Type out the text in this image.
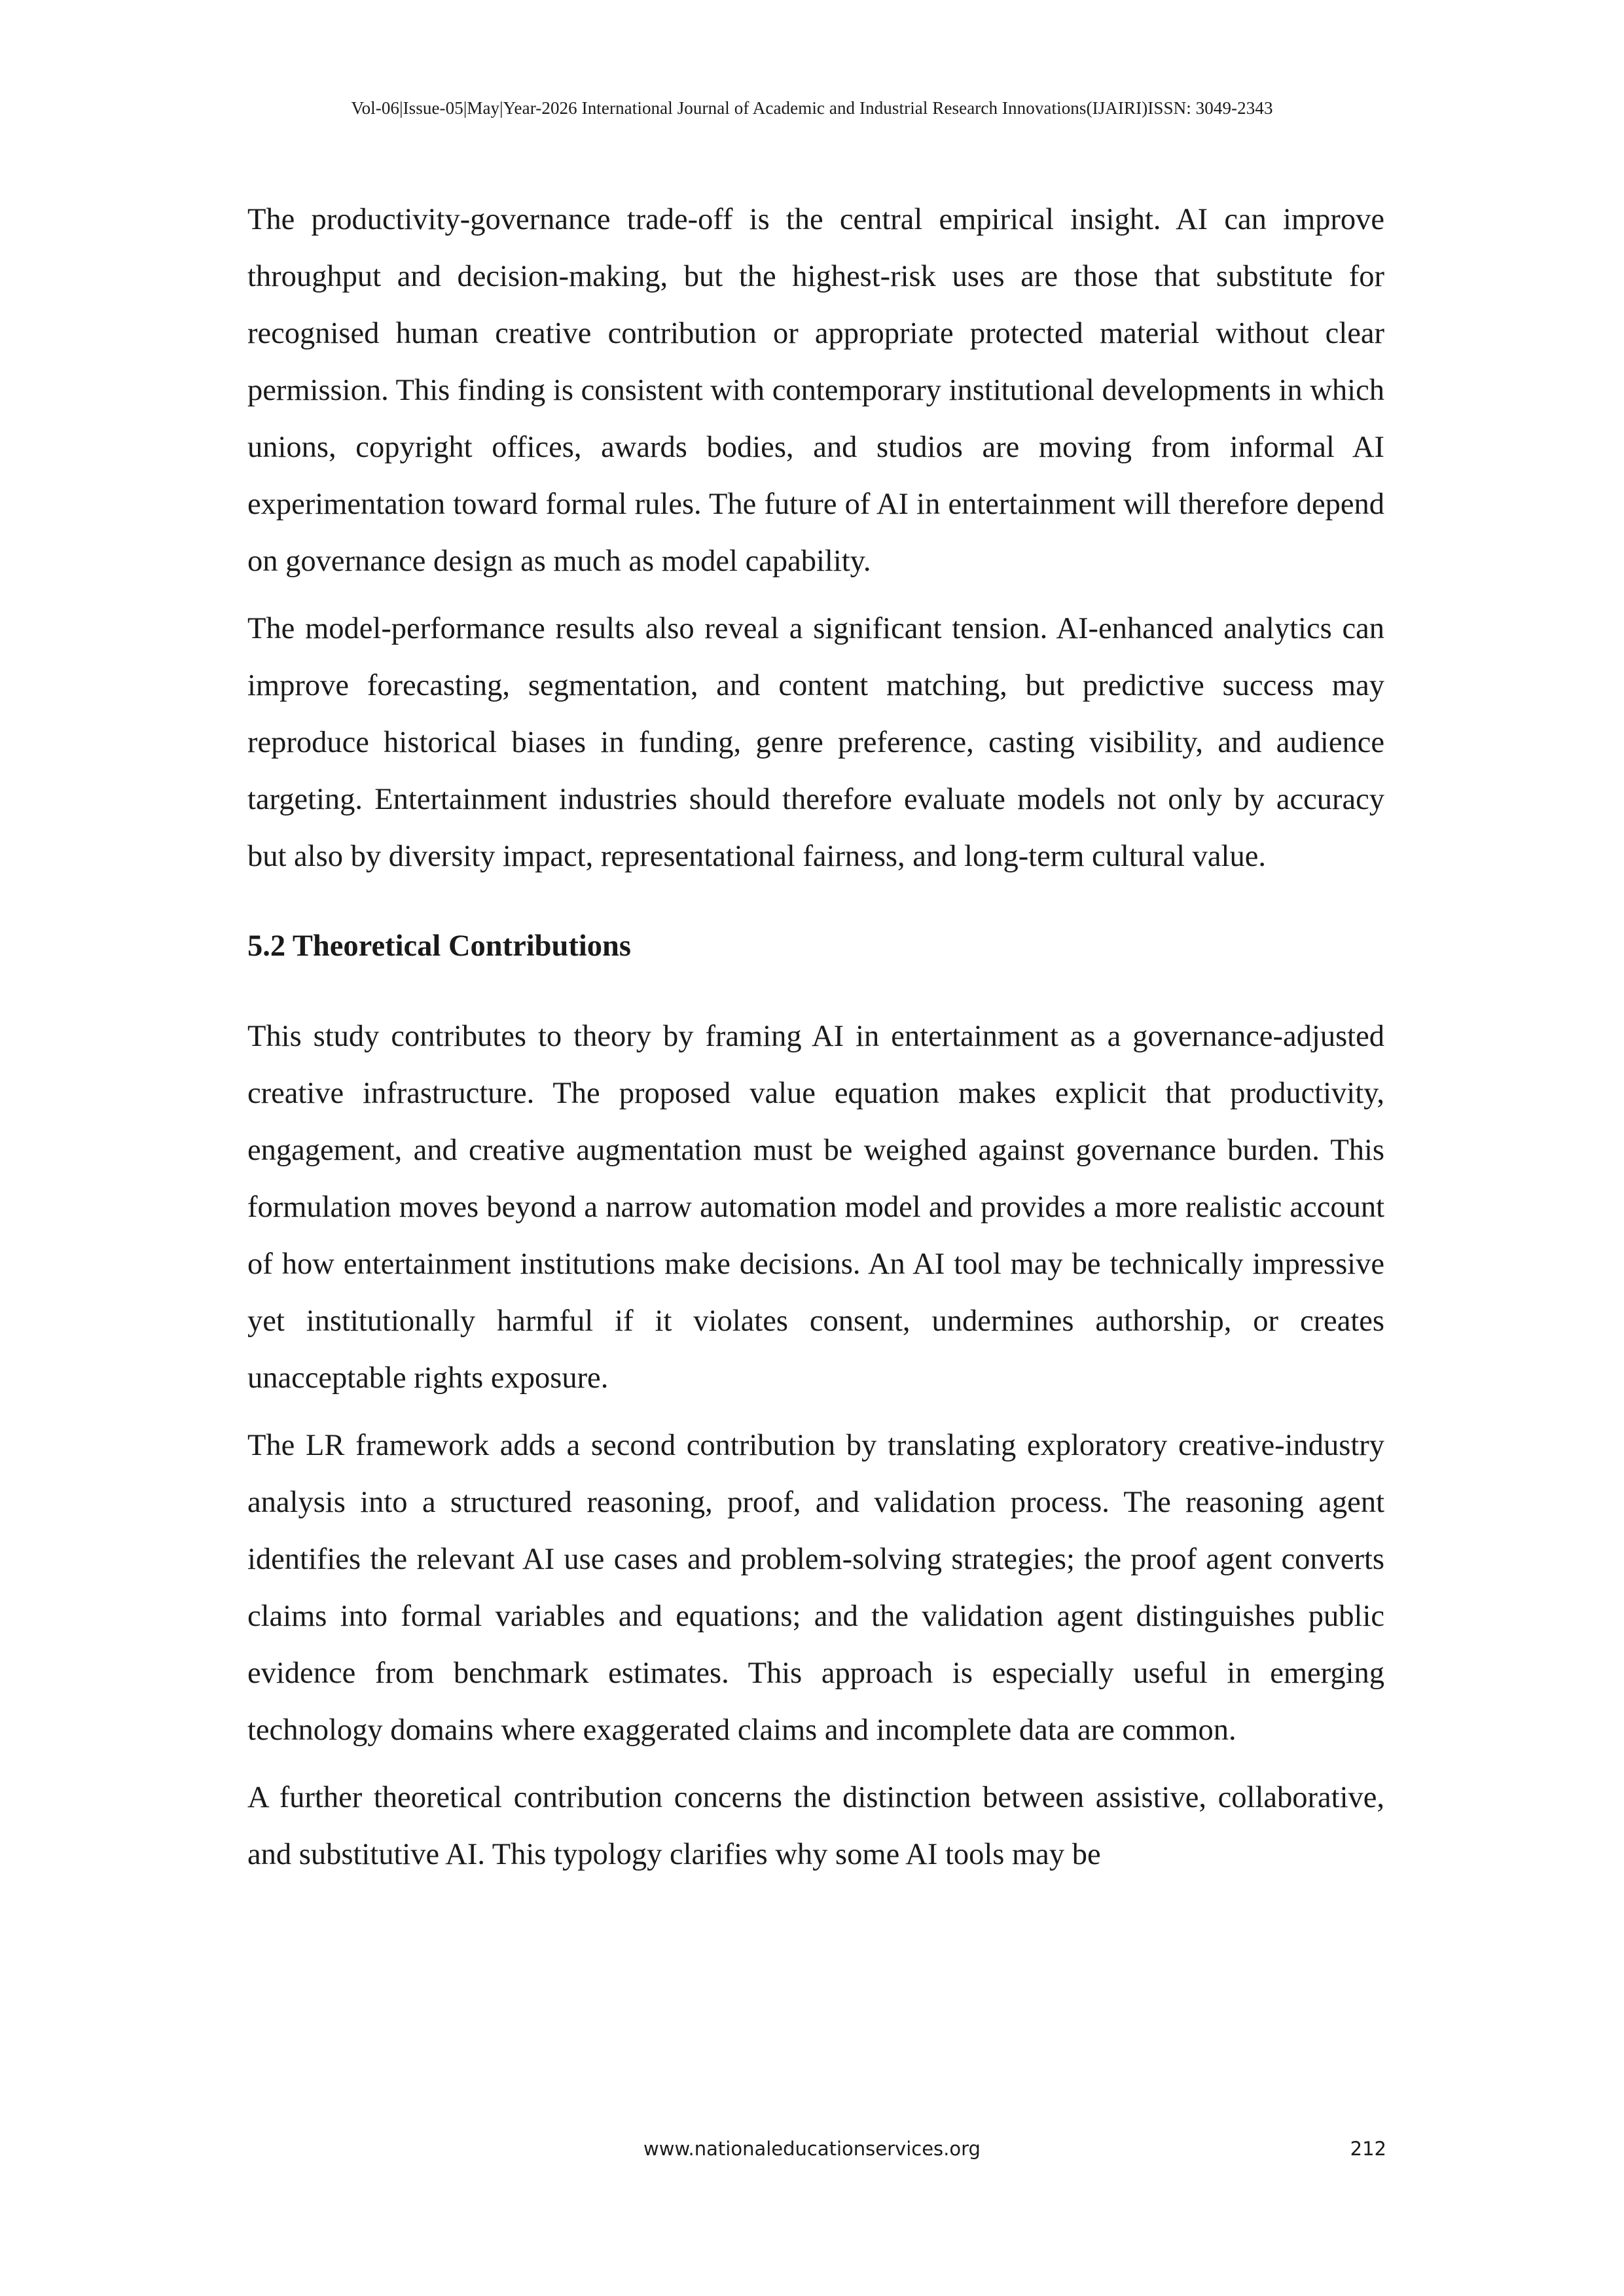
Vol-06|Issue-05|May|Year-2026 International Journal of Academic and Industrial Research Innovations(IJAIRI)ISSN: 3049-2343

The productivity-governance trade-off is the central empirical insight. AI can improve throughput and decision-making, but the highest-risk uses are those that substitute for recognised human creative contribution or appropriate protected material without clear permission. This finding is consistent with contemporary institutional developments in which unions, copyright offices, awards bodies, and studios are moving from informal AI experimentation toward formal rules. The future of AI in entertainment will therefore depend on governance design as much as model capability.

The model-performance results also reveal a significant tension. AI-enhanced analytics can improve forecasting, segmentation, and content matching, but predictive success may reproduce historical biases in funding, genre preference, casting visibility, and audience targeting. Entertainment industries should therefore evaluate models not only by accuracy but also by diversity impact, representational fairness, and long-term cultural value.

5.2 Theoretical Contributions

This study contributes to theory by framing AI in entertainment as a governance-adjusted creative infrastructure. The proposed value equation makes explicit that productivity, engagement, and creative augmentation must be weighed against governance burden. This formulation moves beyond a narrow automation model and provides a more realistic account of how entertainment institutions make decisions. An AI tool may be technically impressive yet institutionally harmful if it violates consent, undermines authorship, or creates unacceptable rights exposure.

The LR framework adds a second contribution by translating exploratory creative-industry analysis into a structured reasoning, proof, and validation process. The reasoning agent identifies the relevant AI use cases and problem-solving strategies; the proof agent converts claims into formal variables and equations; and the validation agent distinguishes public evidence from benchmark estimates. This approach is especially useful in emerging technology domains where exaggerated claims and incomplete data are common.

A further theoretical contribution concerns the distinction between assistive, collaborative, and substitutive AI. This typology clarifies why some AI tools may be

www.nationaleducationservices.org	212
